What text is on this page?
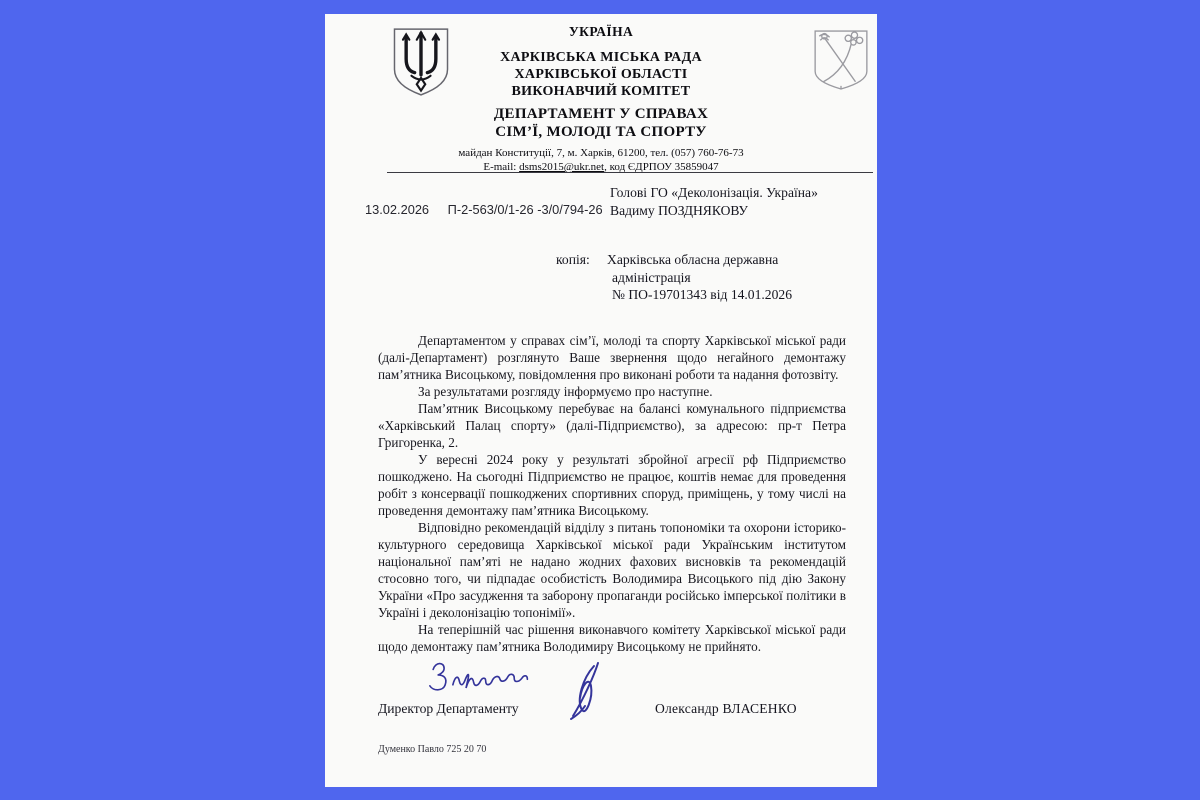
УКРАЇНА
ХАРКІВСЬКА МІСЬКА РАДА
ХАРКІВСЬКОЇ ОБЛАСТІ
ВИКОНАВЧИЙ КОМІТЕТ
ДЕПАРТАМЕНТ У СПРАВАХ
СІМ’Ї, МОЛОДІ ТА СПОРТУ
майдан Конституції, 7, м. Харків, 61200, тел. (057) 760-76-73
E-mail: dsms2015@ukr.net, код ЄДРПОУ 35859047
13.02.2026 П-2-563/0/1-26 -3/0/794-26
Голові ГО «Деколонізація. Україна»
Вадиму ПОЗДНЯКОВУ
копія: Харківська обласна держaвна
адміністрація
№ ПО-19701343 від 14.01.2026

Департаментом у справах сім’ї, молоді та спорту Харківської міської ради (далі-Департамент) розглянуто Ваше звернення щодо негайного демонтажу пам’ятника Висоцькому, повідомлення про виконані роботи та надання фотозвіту.

За результатами розгляду інформуємо про наступне.

Пам’ятник Висоцькому перебуває на балансі комунального підприємства «Харківський Палац спорту» (далі-Підприємство), за адресою: пр-т Петра Григоренка, 2.

У вересні 2024 року у результаті збройної агресії рф Підприємство пошкоджено. На сьогодні Підприємство не працює, коштів немає для проведення робіт з консервації пошкоджених спортивних споруд, приміщень, у тому числі на проведення демонтажу пам’ятника Висоцькому.

Відповідно рекомендацій відділу з питань топономіки та охорони історико-культурного середовища Харківської міської ради Українським інститутом національної пам’яті не надано жодних фахових висновків та рекомендацій стосовно того, чи підпадає особистість Володимира Висоцького під дію Закону України «Про засудження та заборону пропаганди російсько імперської політики в Україні і деколонізацію топонімії».

На теперішній час рішення виконавчого комітету Харківської міської ради щодо демонтажу пам’ятника Володимиру Висоцькому не прийнято.

Директор Департаменту	Олександр ВЛАСЕНКО
Думенко Павло 725 20 70
